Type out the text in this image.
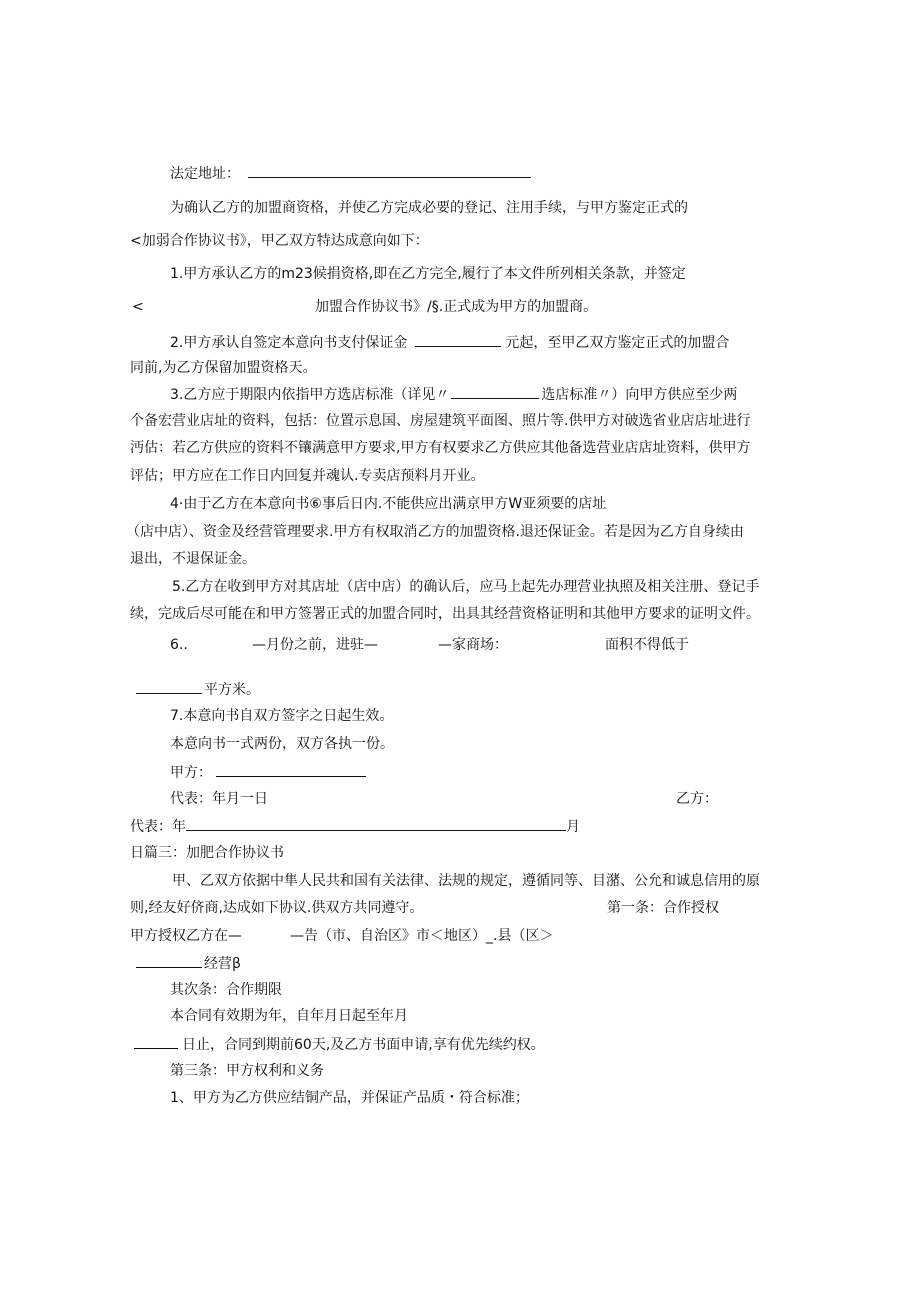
法定地址：
为确认乙方的加盟商资格，并使乙方完成必要的登记、注用手续，与甲方鉴定正式的
<加弱合作协议书》，甲乙双方特达成意向如下：
1.甲方承认乙方的m23候捐资格,即在乙方完全,履行了本文件所列相关条款，并签定
<	加盟合作协议书》/§.正式成为甲方的加盟商。
2.甲方承认自签定本意向书支付保证金	元起，至甲乙双方鉴定正式的加盟合
同前,为乙方保留加盟资格天。
3.乙方应于期限内依指甲方选店标准（详见〃	选店标准〃）向甲方供应至少两
个备宏营业店址的资料，包括：位置示息国、房屋建筑平面图、照片等.供甲方对破选省业店店址进行
沔估：若乙方供应的资料不镶满意甲方要求,甲方有权要求乙方供应其他备选营业店店址资料，供甲方
评估；甲方应在工作日内回复并魂认.专卖店预料月开业。
4·由于乙方在本意向书⑥事后日内.不能供应出满京甲方W亚须要的店址
（店中店）、资金及经营管理要求.甲方有权取消乙方的加盟资格.退还保证金。若是因为乙方自身续由
退出，不退保证金。
5.乙方在收到甲方对其店址（店中店）的确认后，应马上起先办理营业执照及相关注册、登记手
续，完成后尽可能在和甲方签署正式的加盟合同时，出具其经营资格证明和其他甲方要求的证明文件。
6..	—月份之前，进驻—	—家商场：	面积不得低于
平方米。
7.本意向书自双方签字之日起生效。
本意向书一式两份，双方各执一份。
甲方：
代表：年月一日	乙方：
代表：年	月
日篇三：加肥合作协议书
甲、乙双方依据中隼人民共和国有关法律、法规的规定，遵循同等、目潴、公允和诚息信用的原
则,经友好侪商,达成如下协议.供双方共同遵守。	第一条：合作授权
甲方授权乙方在—	—告（市、自治区》市＜地区）_.县（区＞
经营β
其次条：合作期限
本合同有效期为年，自年月日起至年月
日止，合同到期前60天,及乙方书面申请,享有优先续约权。
第三条：甲方权利和义务
1、甲方为乙方供应结铜产品，并保证产品质・符合标准；
